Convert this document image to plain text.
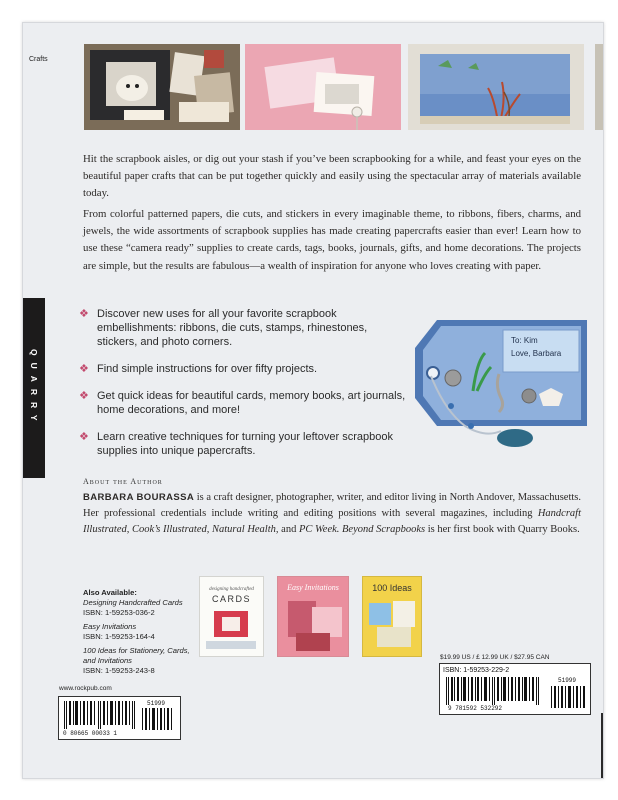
Crafts

Hit the scrapbook aisles, or dig out your stash if you’ve been scrapbooking for a while, and feast your eyes on the beautiful paper crafts that can be put together quickly and easily using the spectacular array of materials available today.

From colorful patterned papers, die cuts, and stickers in every imaginable theme, to ribbons, fibers, charms, and jewels, the wide assortments of scrapbook supplies has made creating papercrafts easier than ever! Learn how to use these “camera ready” supplies to create cards, tags, books, journals, gifts, and home decorations. The projects are simple, but the results are fabulous—a wealth of inspiration for anyone who loves creating with paper.

QUARRY
❖ Discover new uses for all your favorite scrapbook embellishments: ribbons, die cuts, stamps, rhinestones, stickers, and photo corners.
❖ Find simple instructions for over fifty projects.
❖ Get quick ideas for beautiful cards, memory books, art journals, home decorations, and more!
❖ Learn creative techniques for turning your leftover scrapbook supplies into unique papercrafts.
To: Kim
Love, Barbara
About the Author

BARBARA BOURASSA is a craft designer, photographer, writer, and editor living in North Andover, Massachusetts. Her professional credentials include writing and editing positions with several magazines, including Handcraft Illustrated, Cook’s Illustrated, Natural Health, and PC Week. Beyond Scrapbooks is her first book with Quarry Books.

Also Available:
Designing Handcrafted Cards
ISBN: 1-59253-036-2
Easy Invitations
ISBN: 1-59253-164-4
100 Ideas for Stationery, Cards, and Invitations
ISBN: 1-59253-243-8
designing handcrafted
CARDS
Easy Invitations	100 Ideas
$19.99 US / £ 12.99 UK / $27.95 CAN
ISBN: 1-59253-229-2
9 781592 532292
51999
www.rockpub.com
0 80665 00033 1
51999
